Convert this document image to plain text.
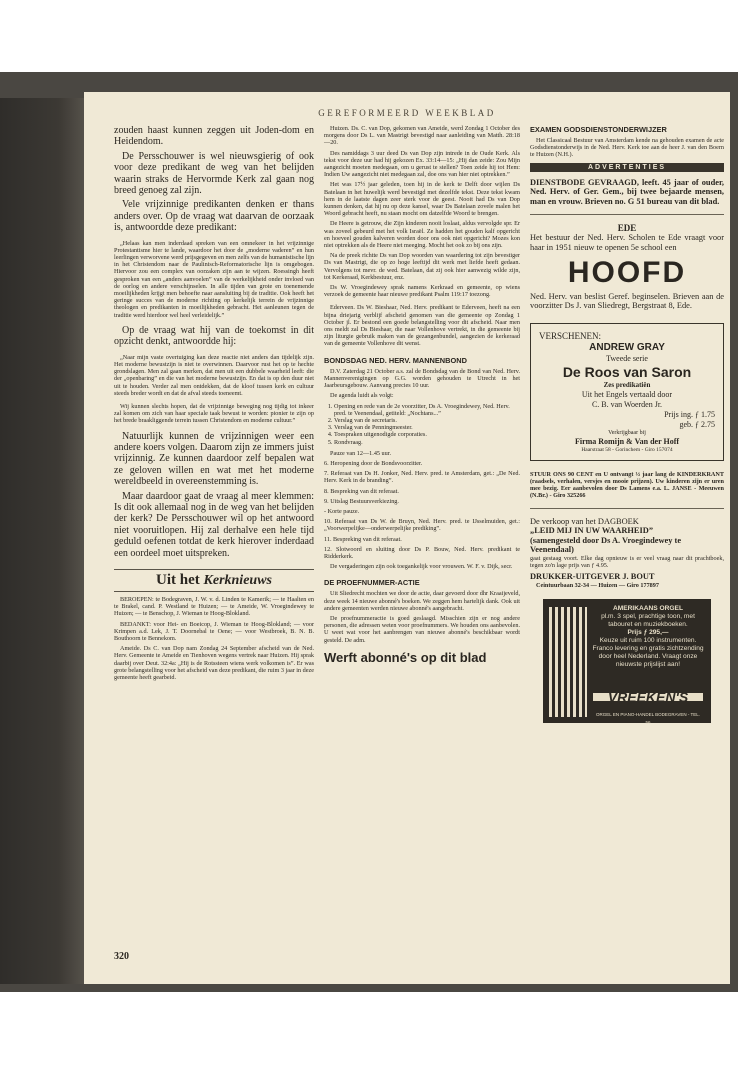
GEREFORMEERD WEEKBLAD

zouden haast kunnen zeggen uit Joden-dom en Heidendom.

De Persschouwer is wel nieuwsgierig of ook voor deze predikant de weg van het belijden waarin straks de Hervormde Kerk zal gaan nog breed genoeg zal zijn.

Vele vrijzinnige predikanten denken er thans anders over. Op de vraag wat daarvan de oorzaak is, antwoordde deze predikant:

„Helaas kan men inderdaad spreken van een omnekeer in het vrijzinnige Protestantisme hier te lande, waardoor het door de „moderne vaderen” en hun leerlingen verworvene werd prijsgegeven en men zelfs van de humanistische lijn in het Christendom naar de Paulinisch-Reformatorische lijn is omgebogen. Hiervoor zou een complex van oorzaken zijn aan te wijzen. Roessingh heeft gesproken van een „anders aanvoelen” van de werkelijkheid onder invloed van de oorlog en andere verschijnselen. In alle tijden van grote en toenemende moeilijkheden krijgt men behoefte naar aansluiting bij de traditie. Ook heeft het geringe succes van de moderne richting op kerkelijk terrein de vrijzinnige theologen en predikanten in moeilijkheden gebracht. Het aanleunen tegen de traditie werd hierdoor wel heel verleidelijk.”

Op de vraag wat hij van de toekomst in dit opzicht denkt, antwoordde hij:

„Naar mijn vaste overtuiging kan deze reactie niet anders dan tijdelijk zijn. Het moderne bewustzijn is niet te overwinnen. Daarvoor rust het op te hechte grondslagen. Men zal gaan merken, dat men uit een dubbele waarheid leeft: die der „openbaring” en die van het moderne bewustzijn. En dat is op den duur niet uit te houden. Verder zal men ontdekken, dat de kloof tussen kerk en cultuur steeds breder wordt en dat de afval steeds toeneemt.

Wij kunnen slechts hopen, dat de vrijzinnige beweging nog tijdig tot inkeer zal komen om zich van haar speciale taak bewust te worden: pionier te zijn op het brede braakliggende terrein tussen Christendom en moderne cultuur.”

Natuurlijk kunnen de vrijzinnigen weer een andere koers volgen. Daarom zijn ze immers juist vrijzinnig. Ze kunnen daardoor zelf bepalen wat ze geloven willen en wat met het moderne wereldbeeld in overeenstemming is.

Maar daardoor gaat de vraag al meer klemmen: Is dit ook allemaal nog in de weg van het belijden der kerk? De Persschouwer wil op het antwoord niet vooruitlopen. Hij zal derhalve een hele tijd geduld oefenen totdat de kerk hierover inderdaad een oordeel moet uitspreken.

Uit het Kerknieuws

BEROEPEN: te Bodegraven, J. W. v. d. Linden te Kamerik; — te Haalten en te Brakel, cand. P. Westland te Huizen; — te Ameide, W. Vroegindewey te Huizen; — te Benschop, J. Wieman te Hoog-Blokland.

BEDANKT: voor Hei- en Boeicop, J. Wieman te Hoog-Blokland; — voor Krimpen a.d. Lek, J. T. Doornebal te Oene; — voor Westbroek, B. N. B. Bouthoorn te Bennekom.

Ameide. Ds C. van Dop nam Zondag 24 September afscheid van de Ned. Herv. Gemeente te Ameide en Tienhoven wegens vertrek naar Huizen. Hij sprak daarbij over Deut. 32:4a: „Hij is de Rotssteen wiens werk volkomen is”. Er was grote belangstelling voor het afscheid van deze predikant, die ruim 3 jaar in deze gemeente heeft gearbeid.

Huizen. Ds. C. van Dop, gekomen van Ameide, werd Zondag 1 October des morgens door Ds L. van Mastrigt bevestigd naar aanleiding van Matth. 28:18—20.

Des namiddags 3 uur deed Ds van Dop zijn intrede in de Oude Kerk. Als tekst voor deze uur had hij gekozen Ex. 33:14—15: „Hij dan zeide: Zou Mijn aangezicht moeten medegaan, om u gerust te stellen? Toen zeide hij tot Hem: Indien Uw aangezicht niet medegaan zal, doe ons van hier niet optrekken.”

Het was 17½ jaar geleden, toen hij in de kerk te Delft door wijlen Ds Batelaan in het huwelijk werd bevestigd met dezelfde tekst. Deze tekst kwam hem in de laatste dagen zeer sterk voor de geest. Nooit had Ds van Dop kunnen denken, dat hij nu op deze kansel, waar Ds Batelaan zovele malen het Woord gebracht heeft, nu staan mocht om datzelfde Woord te brengen.

De Heere is getrouw, die Zijn kinderen nooit loslaat, aldus vervolgde spr. Er was zoveel gebeurd met het volk Israël. Ze hadden het gouden kalf opgericht en hoeveel gouden kalveren worden door ons ook niet opgericht? Mozes kon niet optrekken als de Heere niet meeging. Mocht het ook zo bij ons zijn.

Na de preek richtte Ds van Dop woorden van waardering tot zijn bevestiger Ds van Mastrigt, die op zo hoge leeftijd dit werk met liefde heeft gedaan. Vervolgens tot mevr. de wed. Batelaan, dat zij ook hier aanwezig wilde zijn, tot Kerkeraad, Kerkbestuur, enz.

Ds W. Vroegindewey sprak namens Kerkraad en gemeente, op wiens verzoek de gemeente haar nieuwe predikant Psalm 119:17 toezong.

Ederveen. Ds W. Bieshaar, Ned. Herv. predikant te Ederveen, heeft na een bijna driejarig verblijf afscheid genomen van die gemeente op Zondag 1 October jl. Er bestond een goede belangstelling voor dit afscheid. Naar men ons meldt zal Ds Bieshaar, die naar Vollenhove vertrekt, in die gemeente bij zijn liturgie gebruik maken van de gezangenbundel, aangezien de kerkeraad van de gemeente Vollenhove dit wenst.

BONDSDAG NED. HERV. MANNENBOND

D.V. Zaterdag 21 October a.s. zal de Bondsdag van de Bond van Ned. Herv. Mannenverenigingen op G.G. worden gehouden te Utrecht in het Jaarbeursgebouw. Aanvang precies 10 uur.

De agenda luidt als volgt:

1. Opening en rede van de 2e voorzitter, Ds A. Vroegindewey, Ned. Herv. pred. te Veenendaal, getiteld: „Nochtans...”
2. Verslag van de secretaris.
3. Verslag van de Penningmeester.
4. Toespraken uitgenodigde corporaties.
5. Rondvraag.

Pauze van 12—1.45 uur.

6. Heropening door de Bondsvoorzitter.

7. Referaat van Ds H. Jonker, Ned. Herv. pred. te Amsterdam, get.: „De Ned. Herv. Kerk in de branding”.

8. Bespreking van dit referaat.

9. Uitslag Bestuursverkiezing.

- Korte pauze.

10. Referaat van Ds W. de Bruyn, Ned. Herv. pred. te IJsselmuiden, get.: „Voorwerpelijke—onderwerpelijke prediking”.

11. Bespreking van dit referaat.

12. Slotwoord en sluiting door Ds P. Bouw, Ned. Herv. predikant te Ridderkerk.

De vergaderingen zijn ook toegankelijk voor vrouwen. W. F. v. Dijk, secr.

DE PROEFNUMMER-ACTIE

Uit Sliedrecht mochten we door de actie, daar gevoerd door dhr Kraaijeveld, deze week 14 nieuwe abonné's boeken. We zeggen hem hartelijk dank. Ook uit andere gemeenten werden nieuwe abonné's aangebracht.

De proefnummeractie is goed geslaagd. Misschien zijn er nog andere personen, die adressen weten voor proefnummers. We houden ons aanbevolen. U weet wat voor het aanbrengen van nieuwe abonné's beschikbaar wordt gesteld. De adm.

Werft abonné's op dit blad
EXAMEN GODSDIENSTONDERWIJZER

Het Classicaal Bestuur van Amsterdam kende na gehouden examen de acte Godsdienstonderwijs in de Ned. Herv. Kerk toe aan de heer J. van den Boern te Huizen (N.H.).

ADVERTENTIES

DIENSTBODE GEVRAAGD, leeft. 45 jaar of ouder, Ned. Herv. of Ger. Gem., bij twee bejaarde mensen, man en vrouw. Brieven no. G 51 bureau van dit blad.

EDE

Het bestuur der Ned. Herv. Scholen te Ede vraagt voor haar in 1951 nieuw te openen 5e school een

HOOFD

Ned. Herv. van beslist Geref. beginselen. Brieven aan de voorzitter Ds J. van Sliedregt, Bergstraat 8, Ede.

VERSCHENEN:
ANDREW GRAY
Tweede serie
De Roos van Saron
Zes predikatiën
Uit het Engels vertaald door
C. B. van Woerden Jr.
Prijs ing. ƒ 1.75
geb. ƒ 2.75
Verkrijgbaar bij
Firma Romijn & Van der Hoff
Haarstraat 58 - Gorinchem - Giro 157074

STUUR ONS 90 CENT en U ontvangt ½ jaar lang de KINDERKRANT (raadsels, verhalen, versjes en mooie prijzen). Uw kinderen zijn er uren mee bezig. Eer aanbevolen door Ds Lamens e.a. L. JANSE - Meeuwen (N.Br.) - Giro 325266

De verkoop van het DAGBOEK
„LEID MIJ IN UW WAARHEID”
(samengesteld door Ds A. Vroegindewey te Veenendaal)

gaat gestaag voort. Elke dag opnieuw is er veel vraag naar dit prachtboek, tegen zo'n lage prijs van ƒ 4.95.

DRUKKER-UITGEVER J. BOUT
Ceintuurbaan 32-34 — Huizen — Giro 177897
AMERIKAANS ORGEL
pl.m. 3 spel, prachtige toon, met tabouret en muziekboeken.
Prijs ƒ 295,—
Keuze uit ruim 100 instrumenten. Franco levering en gratis zichtzending door heel Nederland. Vraagt onze nieuwste prijslijst aan!
VREEKEN'S
ORGEL EN PIANO-HANDEL BODEGRAVEN - TEL. 56
320
